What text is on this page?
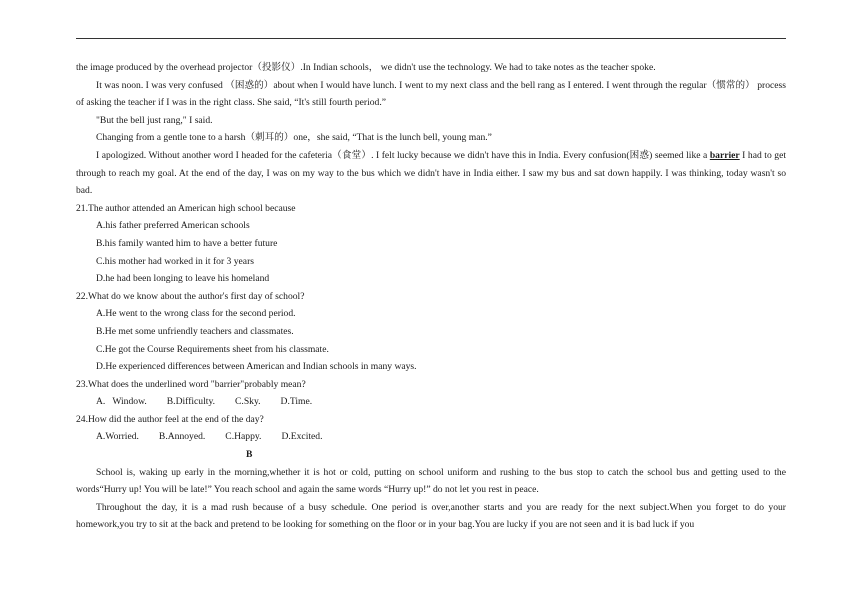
the image produced by the overhead projector（投影仪）.In Indian schools， we didn't use the technology. We had to take notes as the teacher spoke.

It was noon. I was very confused （困惑的）about when I would have lunch. I went to my next class and the bell rang as I entered. I went through the regular（惯常的） process of asking the teacher if I was in the right class. She said, “It's still fourth period.”

"But the bell just rang," I said.

Changing from a gentle tone to a harsh（刺耳的）one，she said, “That is the lunch bell, young man.”

I apologized. Without another word I headed for the cafeteria（食堂）. I felt lucky because we didn't have this in India. Every confusion(困惑) seemed like a barrier I had to get through to reach my goal. At the end of the day, I was on my way to the bus which we didn't have in India either. I saw my bus and sat down happily. I was thinking, today wasn't so bad.

21.The author attended an American high school because

A.his father preferred American schools

B.his family wanted him to have a better future

C.his mother had worked in it for 3 years

D.he had been longing to leave his homeland

22.What do we know about the author's first day of school?

A.He went to the wrong class for the second period.

B.He met some unfriendly teachers and classmates.

C.He got the Course Requirements sheet from his classmate.

D.He experienced differences between American and Indian schools in many ways.

23.What does the underlined word "barrier"probably mean?

A.   Window. B.Difficulty. C.Sky. D.Time.

24.How did the author feel at the end of the day?

A.Worried. B.Annoyed. C.Happy. D.Excited.

B

School is, waking up early in the morning,whether it is hot or cold, putting on school uniform and rushing to the bus stop to catch the school bus and getting used to the words“Hurry up! You will be late!” You reach school and again the same words “Hurry up!” do not let you rest in peace.

Throughout the day, it is a mad rush because of a busy schedule. One period is over,another starts and you are ready for the next subject.When you forget to do your homework,you try to sit at the back and pretend to be looking for something on the floor or in your bag.You are lucky if you are not seen and it is bad luck if you
